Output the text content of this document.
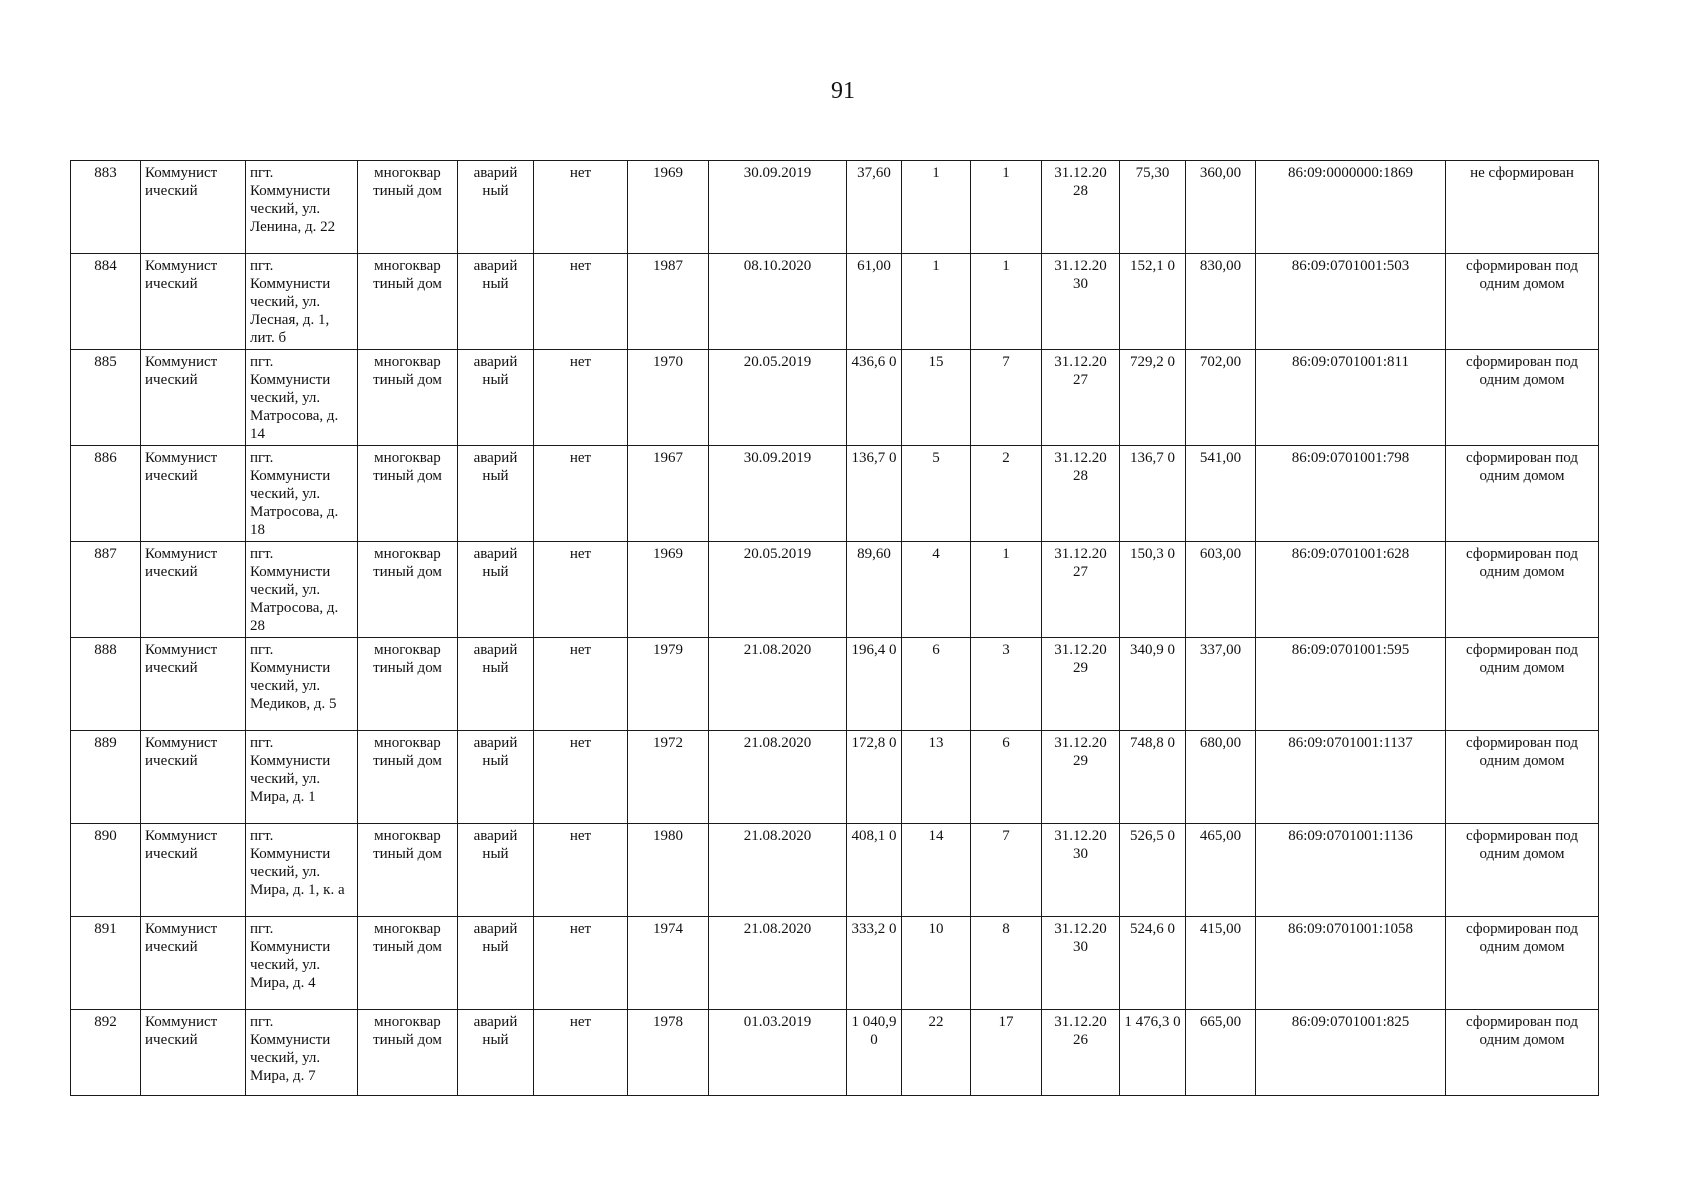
91
883	Коммунист ический	пгт. Коммунисти ческий, ул. Ленина, д. 22	многоквар тиный дом	аварий ный	нет	1969	30.09.2019	37,60	1	1	31.12.20 28	75,30	360,00	86:09:0000000:1869	не сформирован
884	Коммунист ический	пгт. Коммунисти ческий, ул. Лесная, д. 1, лит. б	многоквар тиный дом	аварий ный	нет	1987	08.10.2020	61,00	1	1	31.12.20 30	152,1 0	830,00	86:09:0701001:503	сформирован под одним домом
885	Коммунист ический	пгт. Коммунисти ческий, ул. Матросова, д. 14	многоквар тиный дом	аварий ный	нет	1970	20.05.2019	436,6 0	15	7	31.12.20 27	729,2 0	702,00	86:09:0701001:811	сформирован под одним домом
886	Коммунист ический	пгт. Коммунисти ческий, ул. Матросова, д. 18	многоквар тиный дом	аварий ный	нет	1967	30.09.2019	136,7 0	5	2	31.12.20 28	136,7 0	541,00	86:09:0701001:798	сформирован под одним домом
887	Коммунист ический	пгт. Коммунисти ческий, ул. Матросова, д. 28	многоквар тиный дом	аварий ный	нет	1969	20.05.2019	89,60	4	1	31.12.20 27	150,3 0	603,00	86:09:0701001:628	сформирован под одним домом
888	Коммунист ический	пгт. Коммунисти ческий, ул. Медиков, д. 5	многоквар тиный дом	аварий ный	нет	1979	21.08.2020	196,4 0	6	3	31.12.20 29	340,9 0	337,00	86:09:0701001:595	сформирован под одним домом
889	Коммунист ический	пгт. Коммунисти ческий, ул. Мира, д. 1	многоквар тиный дом	аварий ный	нет	1972	21.08.2020	172,8 0	13	6	31.12.20 29	748,8 0	680,00	86:09:0701001:1137	сформирован под одним домом
890	Коммунист ический	пгт. Коммунисти ческий, ул. Мира, д. 1, к. а	многоквар тиный дом	аварий ный	нет	1980	21.08.2020	408,1 0	14	7	31.12.20 30	526,5 0	465,00	86:09:0701001:1136	сформирован под одним домом
891	Коммунист ический	пгт. Коммунисти ческий, ул. Мира, д. 4	многоквар тиный дом	аварий ный	нет	1974	21.08.2020	333,2 0	10	8	31.12.20 30	524,6 0	415,00	86:09:0701001:1058	сформирован под одним домом
892	Коммунист ический	пгт. Коммунисти ческий, ул. Мира, д. 7	многоквар тиный дом	аварий ный	нет	1978	01.03.2019	1 040,9 0	22	17	31.12.20 26	1 476,3 0	665,00	86:09:0701001:825	сформирован под одним домом
